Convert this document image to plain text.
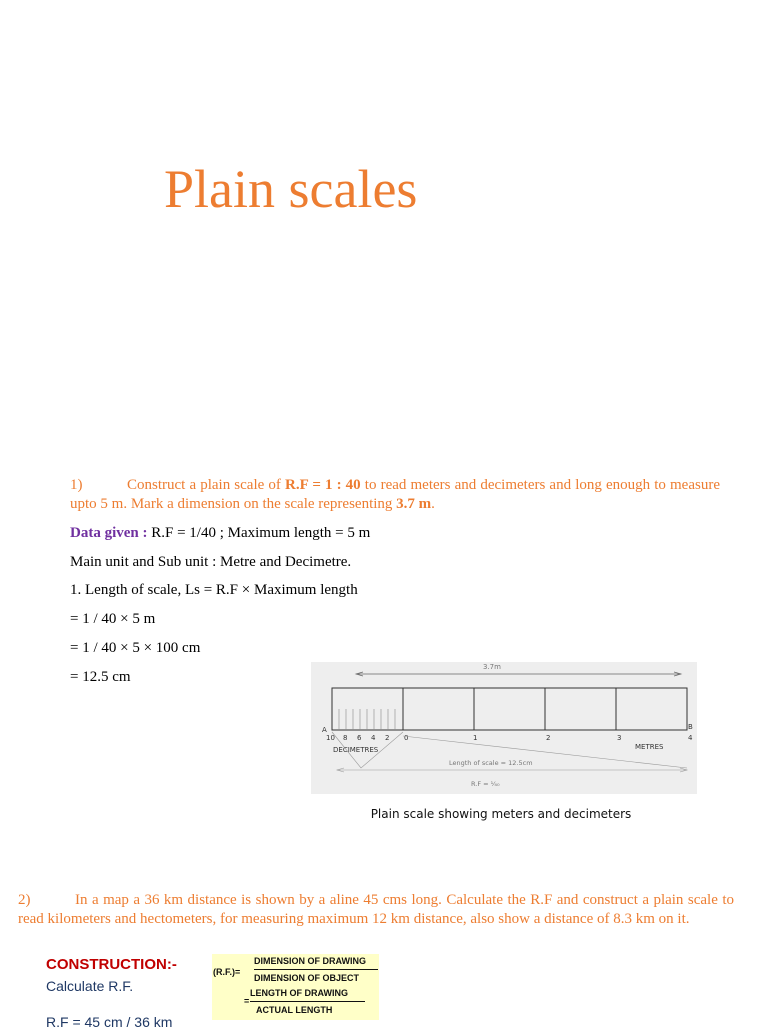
Plain scales
1)	Construct a plain scale of R.F = 1 : 40 to read meters and decimeters and long enough to measure upto 5 m. Mark a dimension on the scale representing 3.7 m.
Data given : R.F = 1/40 ; Maximum length = 5 m
Main unit and Sub unit : Metre and Decimetre.
1. Length of scale, Ls = R.F × Maximum length
= 1 / 40 × 5 m
= 1 / 40 × 5 × 100 cm
= 12.5 cm
3.7m
A	B
10 8 6 4 2 0	1	2	3	4
DECIMETRES	METRES
Length of scale = 12.5cm
R.F = ¹⁄₄₀
Plain scale showing meters and decimeters
2)	In a map a 36 km distance is shown by a aline 45 cms long. Calculate the R.F and construct a plain scale to read kilometers and hectometers, for measuring maximum 12 km distance, also show a distance of 8.3 km on it.
CONSTRUCTION:-
Calculate R.F.
R.F = 45 cm / 36 km
(R.F.)=
DIMENSION OF DRAWING
DIMENSION OF OBJECT
=
LENGTH OF DRAWING
ACTUAL LENGTH
